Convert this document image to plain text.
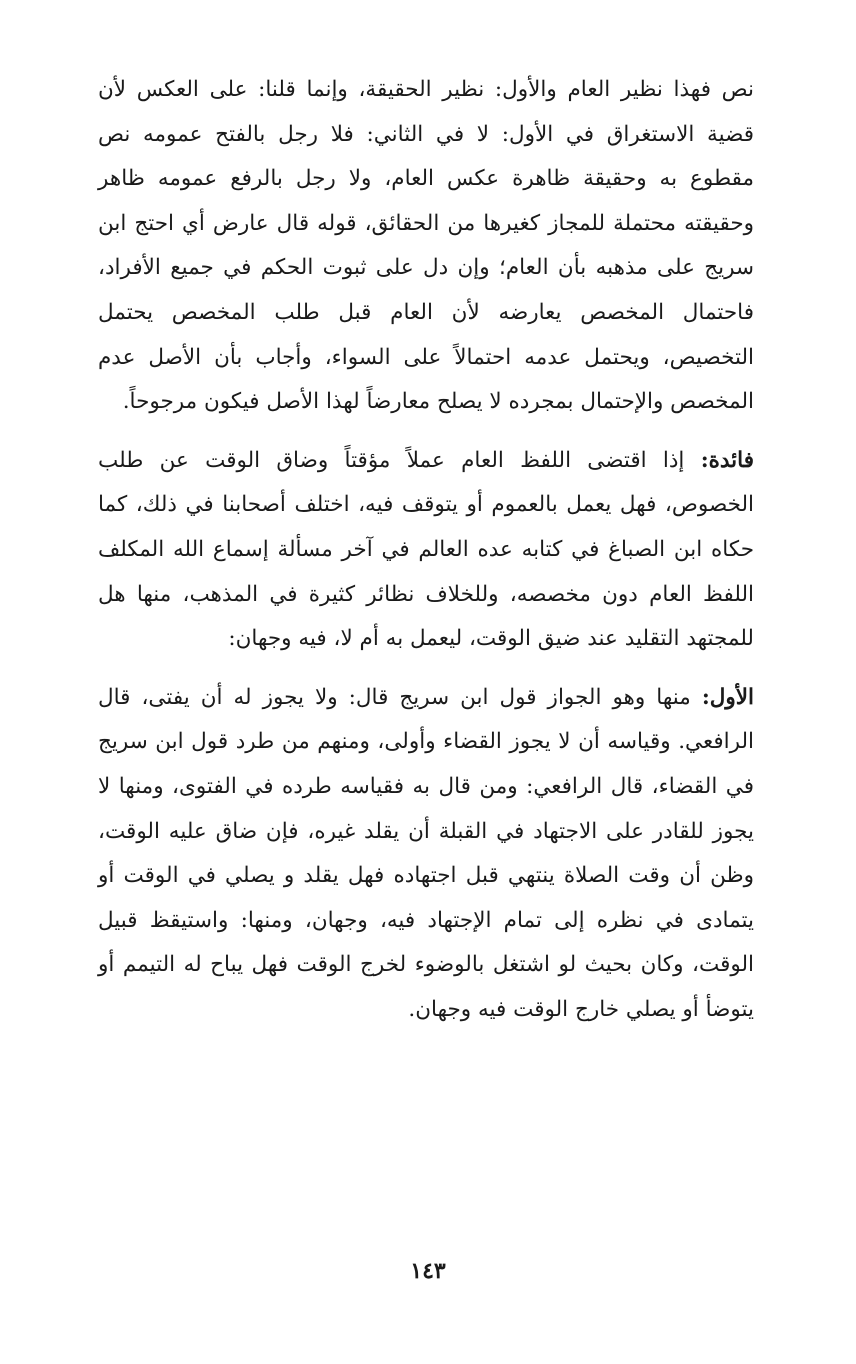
نص فهذا نظير العام والأول: نظير الحقيقة، وإنما قلنا: على العكس لأن قضية الاستغراق في الأول: لا في الثاني: فلا رجل بالفتح عمومه نص مقطوع به وحقيقة ظاهرة عكس العام، ولا رجل بالرفع عمومه ظاهر وحقيقته محتملة للمجاز كغيرها من الحقائق، قوله قال عارض أي احتج ابن سريج على مذهبه بأن العام؛ وإن دل على ثبوت الحكم في جميع الأفراد، فاحتمال المخصص يعارضه لأن العام قبل طلب المخصص يحتمل التخصيص، ويحتمل عدمه احتمالاً على السواء، وأجاب بأن الأصل عدم المخصص والإحتمال بمجرده لا يصلح معارضاً لهذا الأصل فيكون مرجوحاً.

فائدة: إذا اقتضى اللفظ العام عملاً مؤقتاً وضاق الوقت عن طلب الخصوص، فهل يعمل بالعموم أو يتوقف فيه، اختلف أصحابنا في ذلك، كما حكاه ابن الصباغ في كتابه عده العالم في آخر مسألة إسماع الله المكلف اللفظ العام دون مخصصه، وللخلاف نظائر كثيرة في المذهب، منها هل للمجتهد التقليد عند ضيق الوقت، ليعمل به أم لا، فيه وجهان:

الأول: منها وهو الجواز قول ابن سريج قال: ولا يجوز له أن يفتى، قال الرافعي. وقياسه أن لا يجوز القضاء وأولى، ومنهم من طرد قول ابن سريج في القضاء، قال الرافعي: ومن قال به فقياسه طرده في الفتوى، ومنها لا يجوز للقادر على الاجتهاد في القبلة أن يقلد غيره، فإن ضاق عليه الوقت، وظن أن وقت الصلاة ينتهي قبل اجتهاده فهل يقلد و يصلي في الوقت أو يتمادى في نظره إلى تمام الإجتهاد فيه، وجهان، ومنها: واستيقظ قبيل الوقت، وكان بحيث لو اشتغل بالوضوء لخرج الوقت فهل يباح له التيمم أو يتوضأ أو يصلي خارج الوقت فيه وجهان.

١٤٣
